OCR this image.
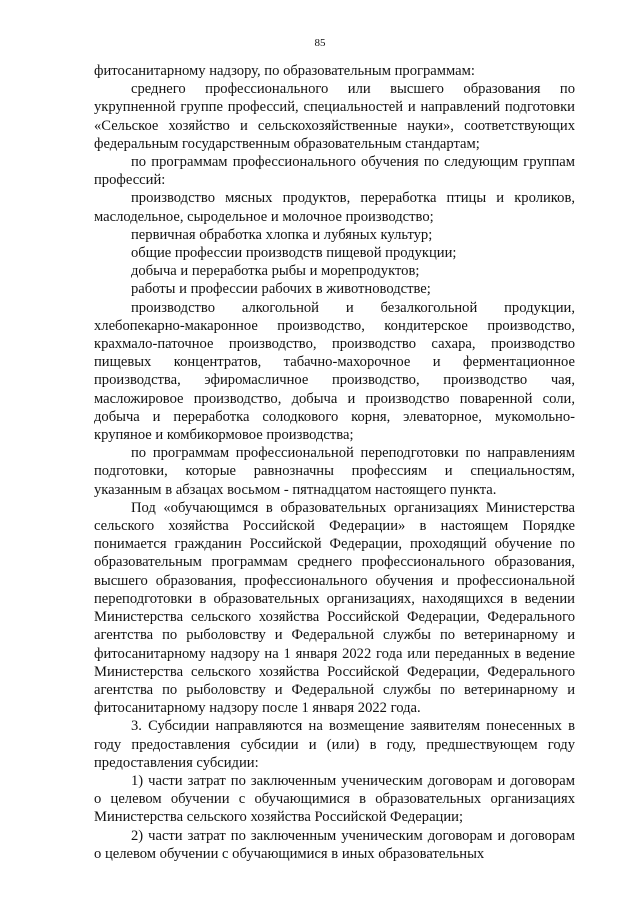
85

фитосанитарному надзору, по образовательным программам:

среднего профессионального или высшего образования по укрупненной группе профессий, специальностей и направлений подготовки «Сельское хозяйство и сельскохозяйственные науки», соответствующих федеральным государственным образовательным стандартам;

по программам профессионального обучения по следующим группам профессий:

производство мясных продуктов, переработка птицы и кроликов, маслодельное, сыродельное и молочное производство;

первичная обработка хлопка и лубяных культур;

общие профессии производств пищевой продукции;

добыча и переработка рыбы и морепродуктов;

работы и профессии рабочих в животноводстве;

производство алкогольной и безалкогольной продукции, хлебопекарно-макаронное производство, кондитерское производство, крахмало-паточное производство, производство сахара, производство пищевых концентратов, табачно-махорочное и ферментационное производства, эфиромасличное производство, производство чая, масложировое производство, добыча и производство поваренной соли, добыча и переработка солодкового корня, элеваторное, мукомольно-крупяное и комбикормовое производства;

по программам профессиональной переподготовки по направлениям подготовки, которые равнозначны профессиям и специальностям, указанным в абзацах восьмом - пятнадцатом настоящего пункта.

Под «обучающимся в образовательных организациях Министерства сельского хозяйства Российской Федерации» в настоящем Порядке понимается гражданин Российской Федерации, проходящий обучение по образовательным программам среднего профессионального образования, высшего образования, профессионального обучения и профессиональной переподготовки в образовательных организациях, находящихся в ведении Министерства сельского хозяйства Российской Федерации, Федерального агентства по рыболовству и Федеральной службы по ветеринарному и фитосанитарному надзору на 1 января 2022 года или переданных в ведение Министерства сельского хозяйства Российской Федерации, Федерального агентства по рыболовству и Федеральной службы по ветеринарному и фитосанитарному надзору после 1 января 2022 года.

3. Субсидии направляются на возмещение заявителям понесенных в году предоставления субсидии и (или) в году, предшествующем году предоставления субсидии:

1) части затрат по заключенным ученическим договорам и договорам о целевом обучении с обучающимися в образовательных организациях Министерства сельского хозяйства Российской Федерации;

2) части затрат по заключенным ученическим договорам и договорам о целевом обучении с обучающимися в иных образовательных
